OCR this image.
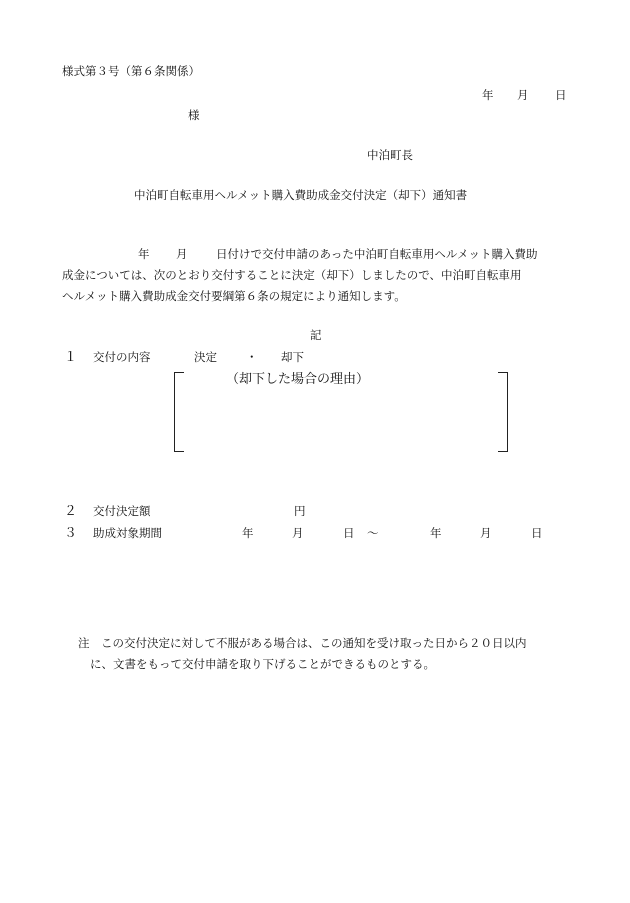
様式第３号（第６条関係）
年 月 日
様
中泊町長
中泊町自転車用ヘルメット購入費助成金交付決定（却下）通知書
年 月 日付けで交付申請のあった中泊町自転車用ヘルメット購入費助
成金については、次のとおり交付することに決定（却下）しましたので、中泊町自転車用
ヘルメット購入費助成金交付要綱第６条の規定により通知します。
記
１ 交付の内容	決定	・ 却下
（却下した場合の理由）
２ 交付決定額	円
３ 助成対象期間	年	月	日 ～	年	月	日
注 この交付決定に対して不服がある場合は、この通知を受け取った日から２０日以内
に、文書をもって交付申請を取り下げることができるものとする。
